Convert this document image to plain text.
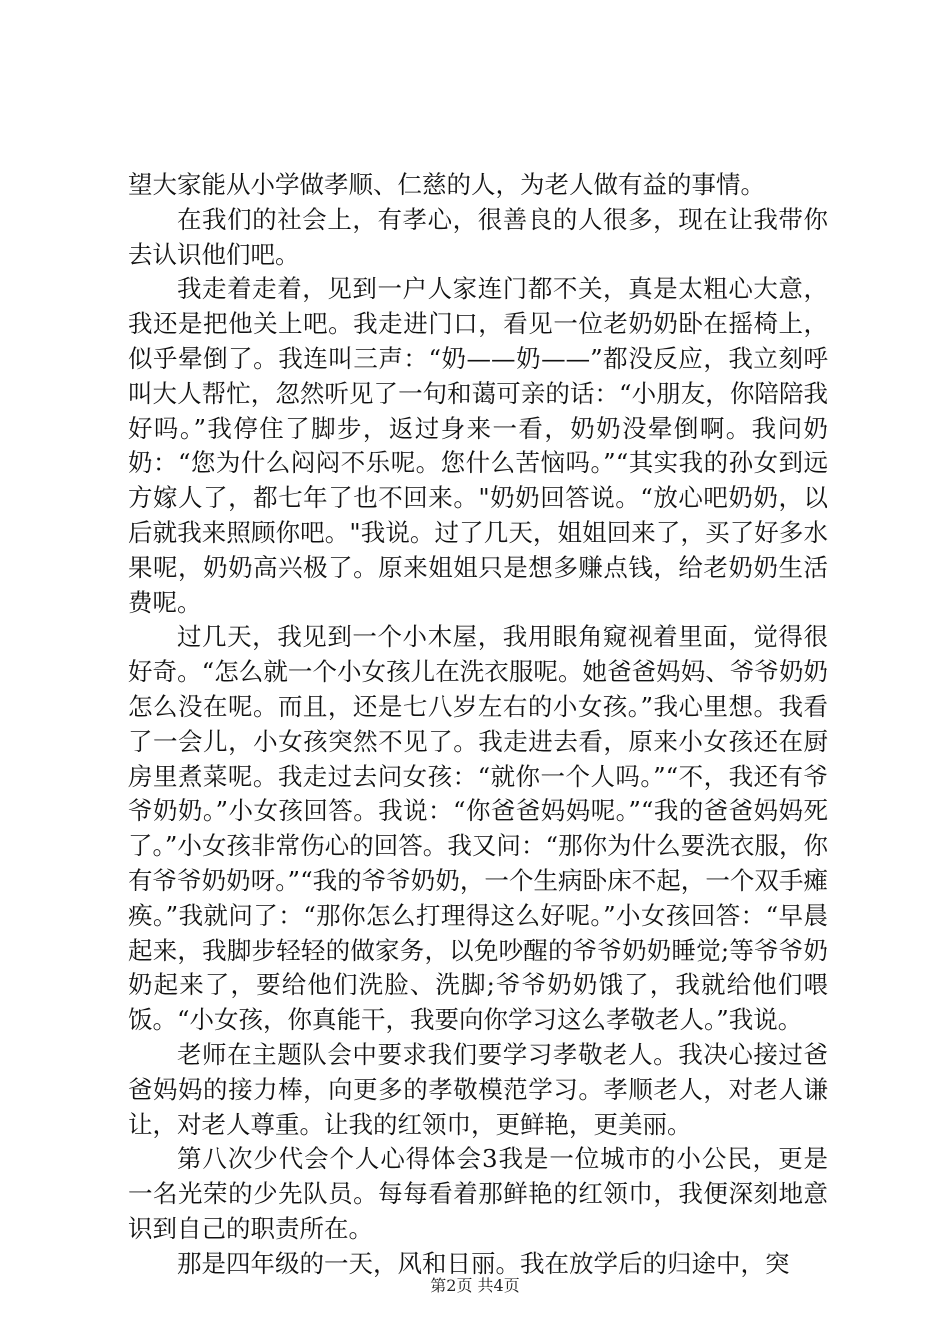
望大家能从小学做孝顺、仁慈的人，为老人做有益的事情。

在我们的社会上，有孝心，很善良的人很多，现在让我带你去认识他们吧。

我走着走着，见到一户人家连门都不关，真是太粗心大意，我还是把他关上吧。我走进门口，看见一位老奶奶卧在摇椅上，似乎晕倒了。我连叫三声：“奶——奶——”都没反应，我立刻呼叫大人帮忙，忽然听见了一句和蔼可亲的话：“小朋友，你陪陪我好吗。”我停住了脚步，返过身来一看，奶奶没晕倒啊。我问奶奶：“您为什么闷闷不乐呢。您什么苦恼吗。”“其实我的孙女到远方嫁人了，都七年了也不回来。"奶奶回答说。“放心吧奶奶，以后就我来照顾你吧。"我说。过了几天，姐姐回来了，买了好多水果呢，奶奶高兴极了。原来姐姐只是想多赚点钱，给老奶奶生活费呢。

过几天，我见到一个小木屋，我用眼角窥视着里面，觉得很好奇。“怎么就一个小女孩儿在洗衣服呢。她爸爸妈妈、爷爷奶奶怎么没在呢。而且，还是七八岁左右的小女孩。”我心里想。我看了一会儿，小女孩突然不见了。我走进去看，原来小女孩还在厨房里煮菜呢。我走过去问女孩：“就你一个人吗。”“不，我还有爷爷奶奶。”小女孩回答。我说：“你爸爸妈妈呢。”“我的爸爸妈妈死了。”小女孩非常伤心的回答。我又问：“那你为什么要洗衣服，你有爷爷奶奶呀。”“我的爷爷奶奶，一个生病卧床不起，一个双手瘫痪。”我就问了：“那你怎么打理得这么好呢。”小女孩回答：“早晨起来，我脚步轻轻的做家务，以免吵醒的爷爷奶奶睡觉;等爷爷奶奶起来了，要给他们洗脸、洗脚;爷爷奶奶饿了，我就给他们喂饭。“小女孩，你真能干，我要向你学习这么孝敬老人。”我说。

老师在主题队会中要求我们要学习孝敬老人。我决心接过爸爸妈妈的接力棒，向更多的孝敬模范学习。孝顺老人，对老人谦让，对老人尊重。让我的红领巾，更鲜艳，更美丽。

第八次少代会个人心得体会3我是一位城市的小公民，更是一名光荣的少先队员。每每看着那鲜艳的红领巾，我便深刻地意识到自己的职责所在。

那是四年级的一天，风和日丽。我在放学后的归途中，突

第2页 共4页
